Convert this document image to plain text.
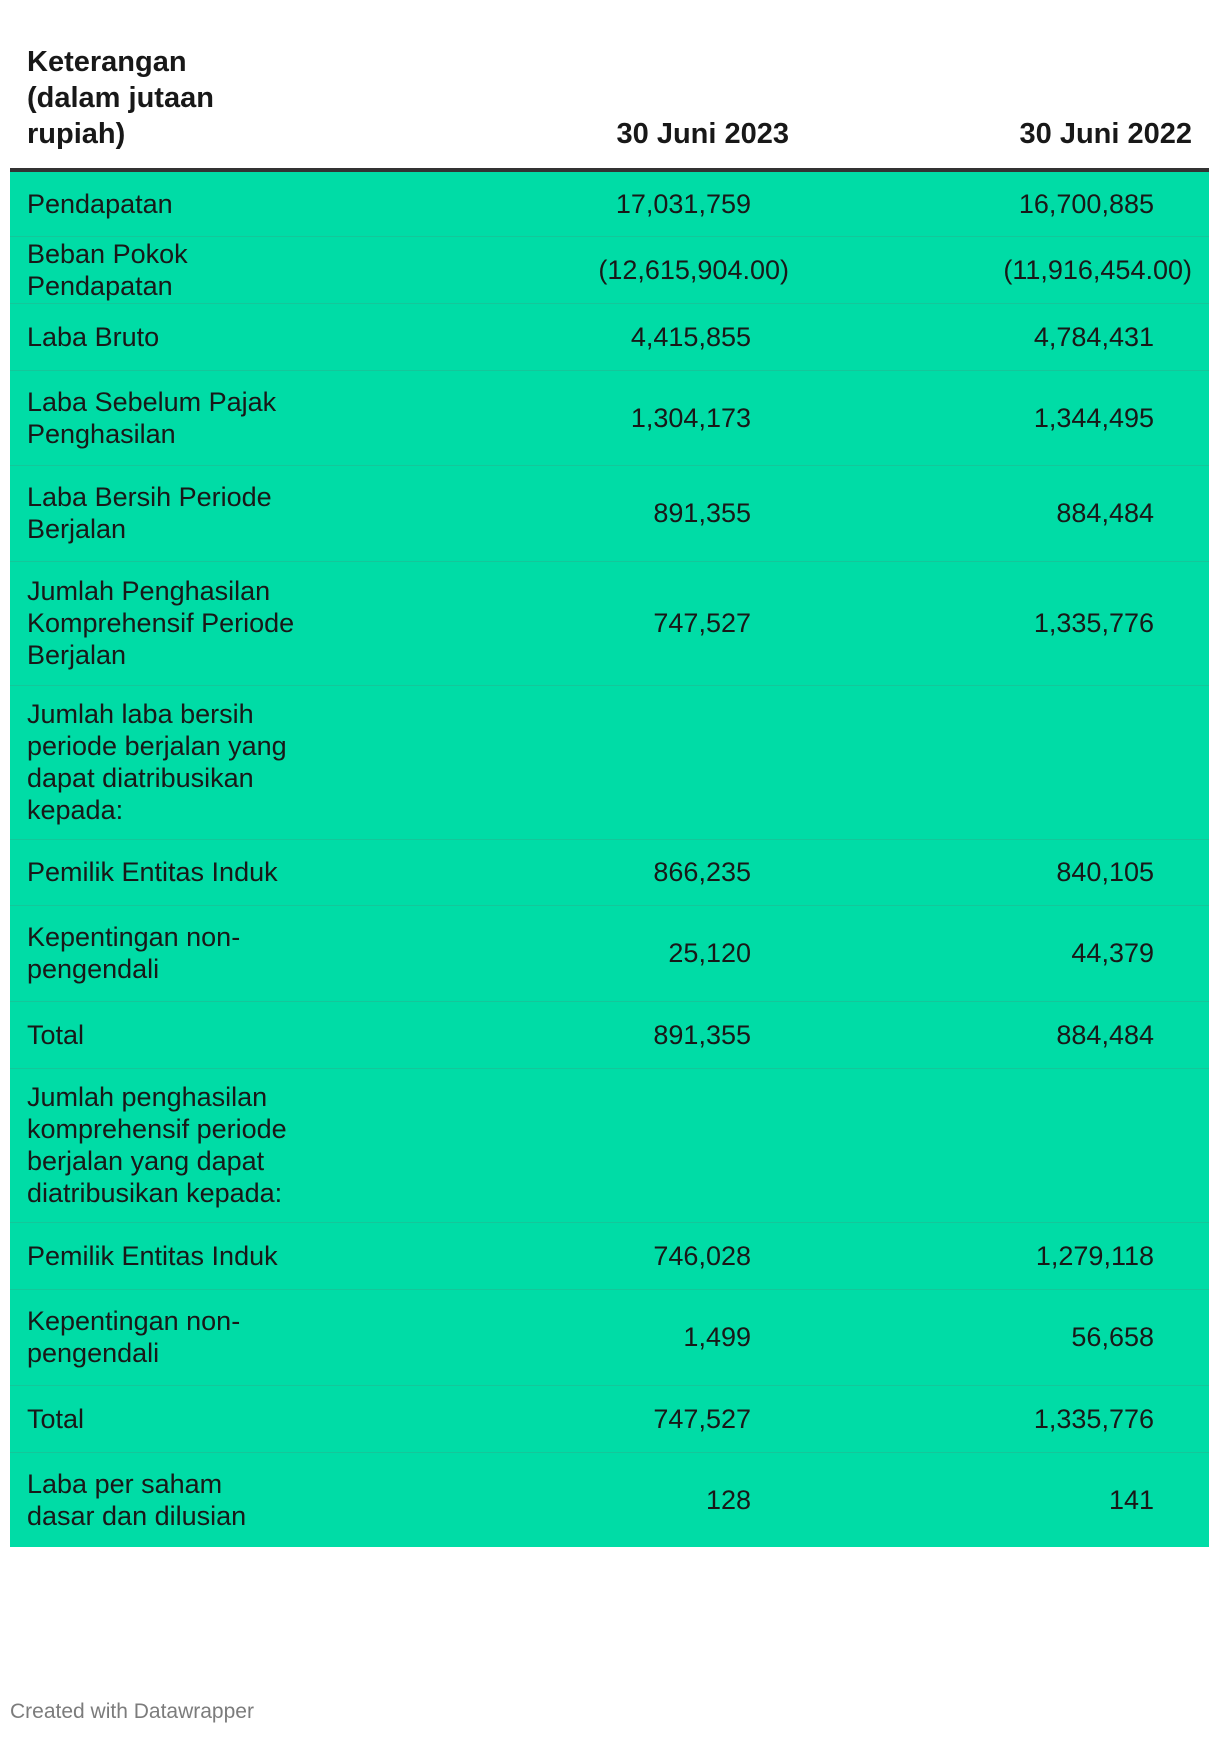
Keterangan (dalam jutaan rupiah)	30 Juni 2023	30 Juni 2022

Pendapatan	17,031,759	16,700,885

Beban Pokok Pendapatan	(12,615,904.00)	(11,916,454.00)

Laba Bruto	4,415,855	4,784,431

Laba Sebelum Pajak Penghasilan	1,304,173	1,344,495

Laba Bersih Periode Berjalan	891,355	884,484

Jumlah Penghasilan Komprehensif Periode Berjalan	747,527	1,335,776

Jumlah laba bersih periode berjalan yang dapat diatribusikan kepada:		

Pemilik Entitas Induk	866,235	840,105

Kepentingan non-pengendali	25,120	44,379

Total	891,355	884,484

Jumlah penghasilan komprehensif periode berjalan yang dapat diatribusikan kepada:		

Pemilik Entitas Induk	746,028	1,279,118

Kepentingan non-pengendali	1,499	56,658

Total	747,527	1,335,776

Laba per saham dasar dan dilusian	128	141
Created with Datawrapper
